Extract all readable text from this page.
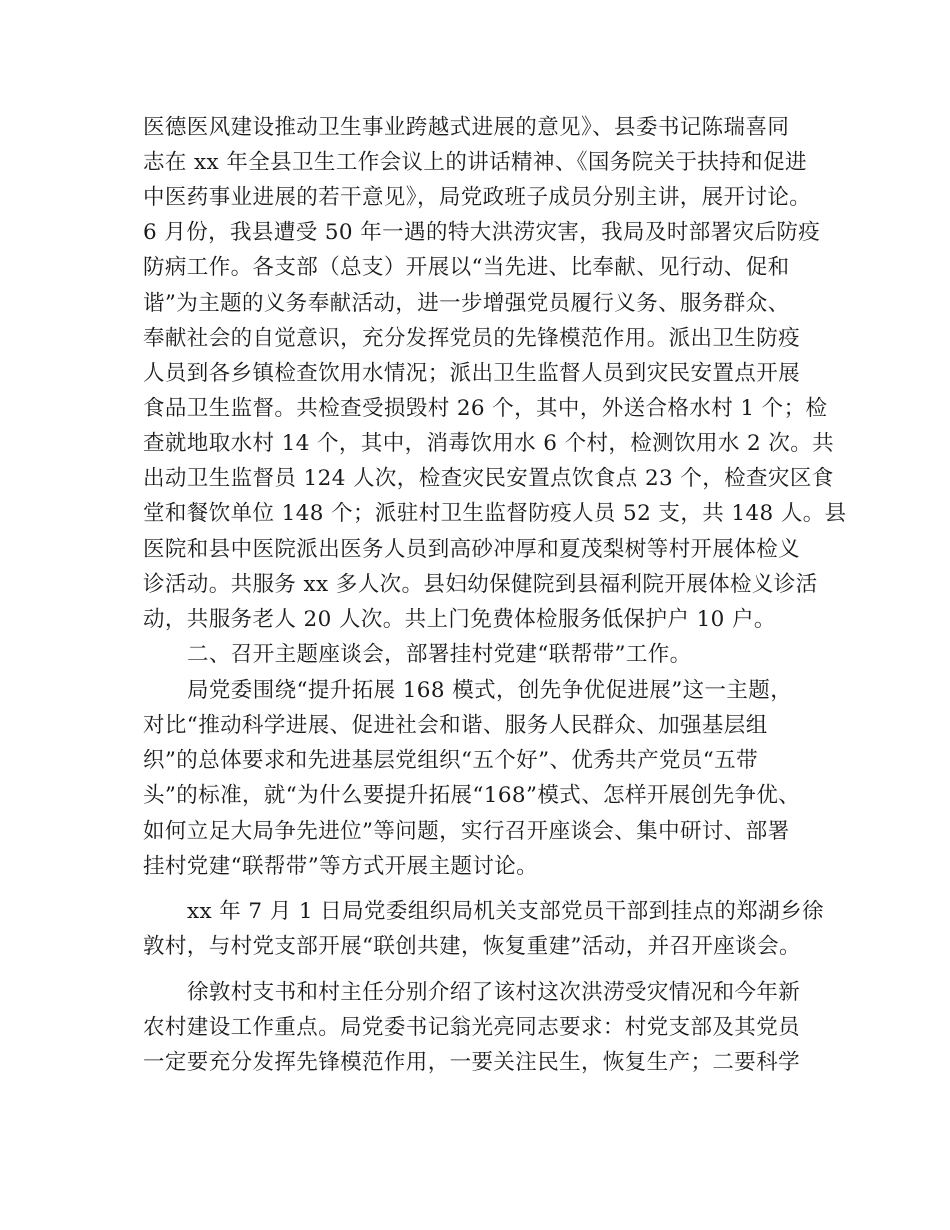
医德医风建设推动卫生事业跨越式进展的意见》、县委书记陈瑞喜同
志在 xx 年全县卫生工作会议上的讲话精神、《国务院关于扶持和促进
中医药事业进展的若干意见》，局党政班子成员分别主讲，展开讨论。
6 月份，我县遭受 50 年一遇的特大洪涝灾害，我局及时部署灾后防疫
防病工作。各支部（总支）开展以“当先进、比奉献、见行动、促和
谐”为主题的义务奉献活动，进一步增强党员履行义务、服务群众、
奉献社会的自觉意识，充分发挥党员的先锋模范作用。派出卫生防疫
人员到各乡镇检查饮用水情况；派出卫生监督人员到灾民安置点开展
食品卫生监督。共检查受损毁村 26 个，其中，外送合格水村 1 个；检
查就地取水村 14 个，其中，消毒饮用水 6 个村，检测饮用水 2 次。共
出动卫生监督员 124 人次，检查灾民安置点饮食点 23 个，检查灾区食
堂和餐饮单位 148 个；派驻村卫生监督防疫人员 52 支，共 148 人。县
医院和县中医院派出医务人员到高砂冲厚和夏茂梨树等村开展体检义
诊活动。共服务 xx 多人次。县妇幼保健院到县福利院开展体检义诊活
动，共服务老人 20 人次。共上门免费体检服务低保护户 10 户。
二、召开主题座谈会，部署挂村党建“联帮带”工作。
局党委围绕“提升拓展 168 模式，创先争优促进展”这一主题，
对比“推动科学进展、促进社会和谐、服务人民群众、加强基层组
织”的总体要求和先进基层党组织“五个好”、优秀共产党员“五带
头”的标准，就“为什么要提升拓展“168”模式、怎样开展创先争优、
如何立足大局争先进位”等问题，实行召开座谈会、集中研讨、部署
挂村党建“联帮带”等方式开展主题讨论。
xx 年 7 月 1 日局党委组织局机关支部党员干部到挂点的郑湖乡徐
敦村，与村党支部开展“联创共建，恢复重建”活动，并召开座谈会。
徐敦村支书和村主任分别介绍了该村这次洪涝受灾情况和今年新
农村建设工作重点。局党委书记翁光亮同志要求：村党支部及其党员
一定要充分发挥先锋模范作用，一要关注民生，恢复生产；二要科学
